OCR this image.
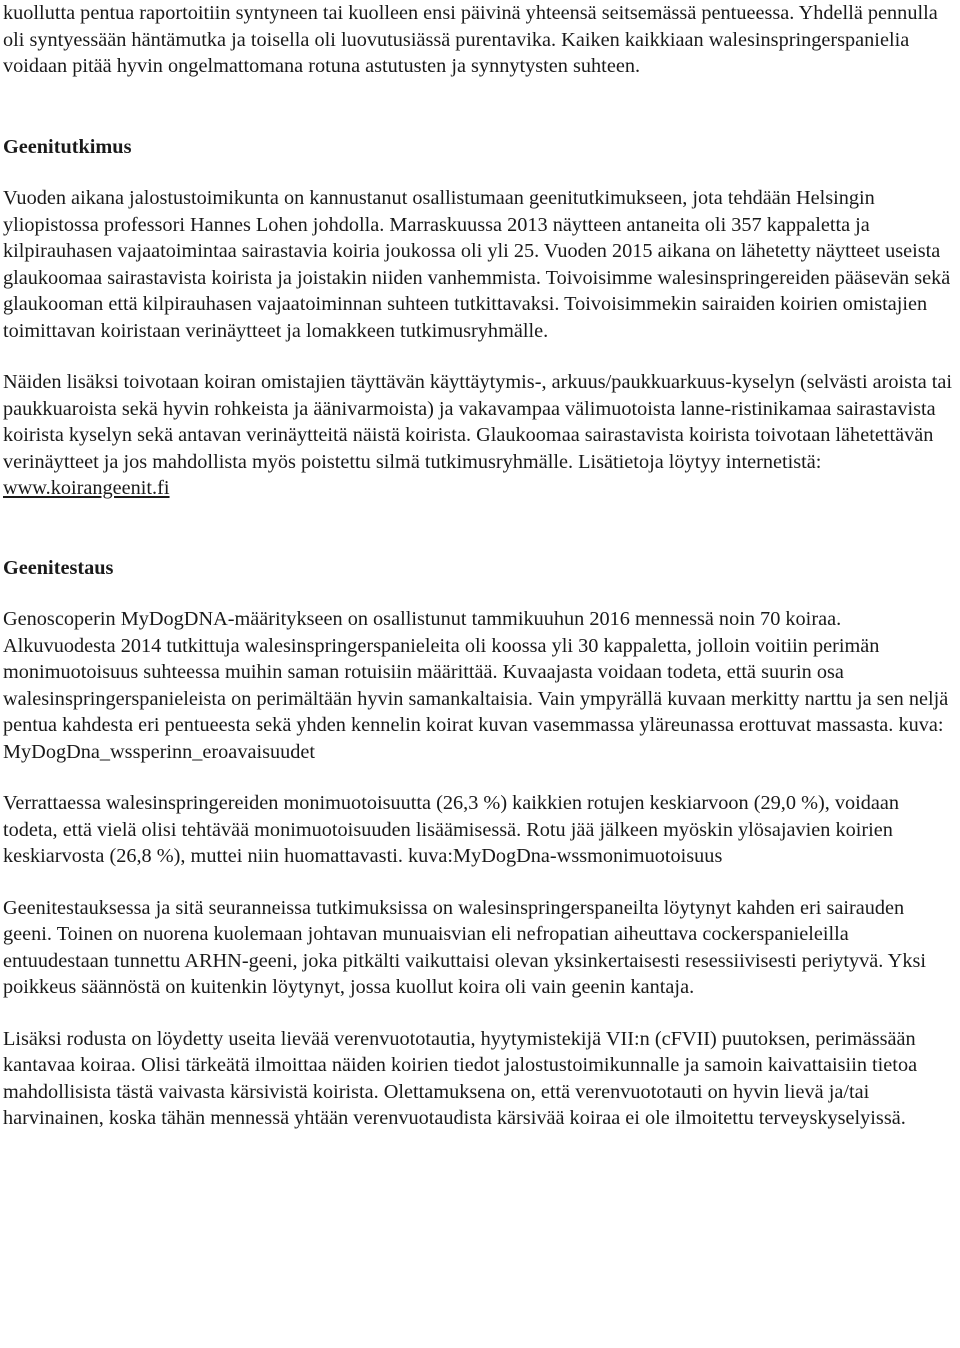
kuollutta pentua raportoitiin syntyneen tai kuolleen ensi päivinä yhteensä seitsemässä pentueessa. Yhdellä pennulla oli syntyessään häntämutka ja toisella oli luovutusiässä purentavika. Kaiken kaikkiaan walesinspringerspanielia voidaan pitää hyvin ongelmattomana rotuna astutusten ja synnytysten suhteen.

Geenitutkimus

Vuoden aikana jalostustoimikunta on kannustanut osallistumaan geenitutkimukseen, jota tehdään Helsingin yliopistossa professori Hannes Lohen johdolla. Marraskuussa 2013 näytteen antaneita oli 357 kappaletta ja kilpirauhasen vajaatoimintaa sairastavia koiria joukossa oli yli 25. Vuoden 2015 aikana on lähetetty näytteet useista glaukoomaa sairastavista koirista ja joistakin niiden vanhemmista. Toivoisimme walesinspringereiden pääsevän sekä glaukooman että kilpirauhasen vajaatoiminnan suhteen tutkittavaksi. Toivoisimmekin sairaiden koirien omistajien toimittavan koiristaan verinäytteet ja lomakkeen tutkimusryhmälle.

Näiden lisäksi toivotaan koiran omistajien täyttävän käyttäytymis-, arkuus/paukkuarkuus-kyselyn (selvästi aroista tai paukkuaroista sekä hyvin rohkeista ja äänivarmoista) ja vakavampaa välimuotoista lanne-ristinikamaa sairastavista koirista kyselyn sekä antavan verinäytteitä näistä koirista. Glaukoomaa sairastavista koirista toivotaan lähetettävän verinäytteet ja jos mahdollista myös poistettu silmä tutkimusryhmälle. Lisätietoja löytyy internetistä: www.koirangeenit.fi

Geenitestaus

Genoscoperin MyDogDNA-määritykseen on osallistunut tammikuuhun 2016 mennessä noin 70 koiraa. Alkuvuodesta 2014 tutkittuja walesinspringerspanieleita oli koossa yli 30 kappaletta, jolloin voitiin perimän monimuotoisuus suhteessa muihin saman rotuisiin määrittää. Kuvaajasta voidaan todeta, että suurin osa walesinspringerspanieleista on perimältään hyvin samankaltaisia. Vain ympyrällä kuvaan merkitty narttu ja sen neljä pentua kahdesta eri pentueesta sekä yhden kennelin koirat kuvan vasemmassa yläreunassa erottuvat massasta. kuva: MyDogDna_wssperinn_eroavaisuudet

Verrattaessa walesinspringereiden monimuotoisuutta (26,3 %) kaikkien rotujen keskiarvoon (29,0 %), voidaan todeta, että vielä olisi tehtävää monimuotoisuuden lisäämisessä. Rotu jää jälkeen myöskin ylösajavien koirien keskiarvosta (26,8 %), muttei niin huomattavasti. kuva:MyDogDna-wssmonimuotoisuus

Geenitestauksessa ja sitä seuranneissa tutkimuksissa on walesinspringerspaneilta löytynyt kahden eri sairauden geeni. Toinen on nuorena kuolemaan johtavan munuaisvian eli nefropatian aiheuttava cockerspanieleilla entuudestaan tunnettu ARHN-geeni, joka pitkälti vaikuttaisi olevan yksinkertaisesti resessiivisesti periytyvä. Yksi poikkeus säännöstä on kuitenkin löytynyt, jossa kuollut koira oli vain geenin kantaja.

Lisäksi rodusta on löydetty useita lievää verenvuototautia, hyytymistekijä VII:n (cFVII) puutoksen, perimässään kantavaa koiraa. Olisi tärkeätä ilmoittaa näiden koirien tiedot jalostustoimikunnalle ja samoin kaivattaisiin tietoa mahdollisista tästä vaivasta kärsivistä koirista. Olettamuksena on, että verenvuototauti on hyvin lievä ja/tai harvinainen, koska tähän mennessä yhtään verenvuotaudista kärsivää koiraa ei ole ilmoitettu terveyskyselyissä.
